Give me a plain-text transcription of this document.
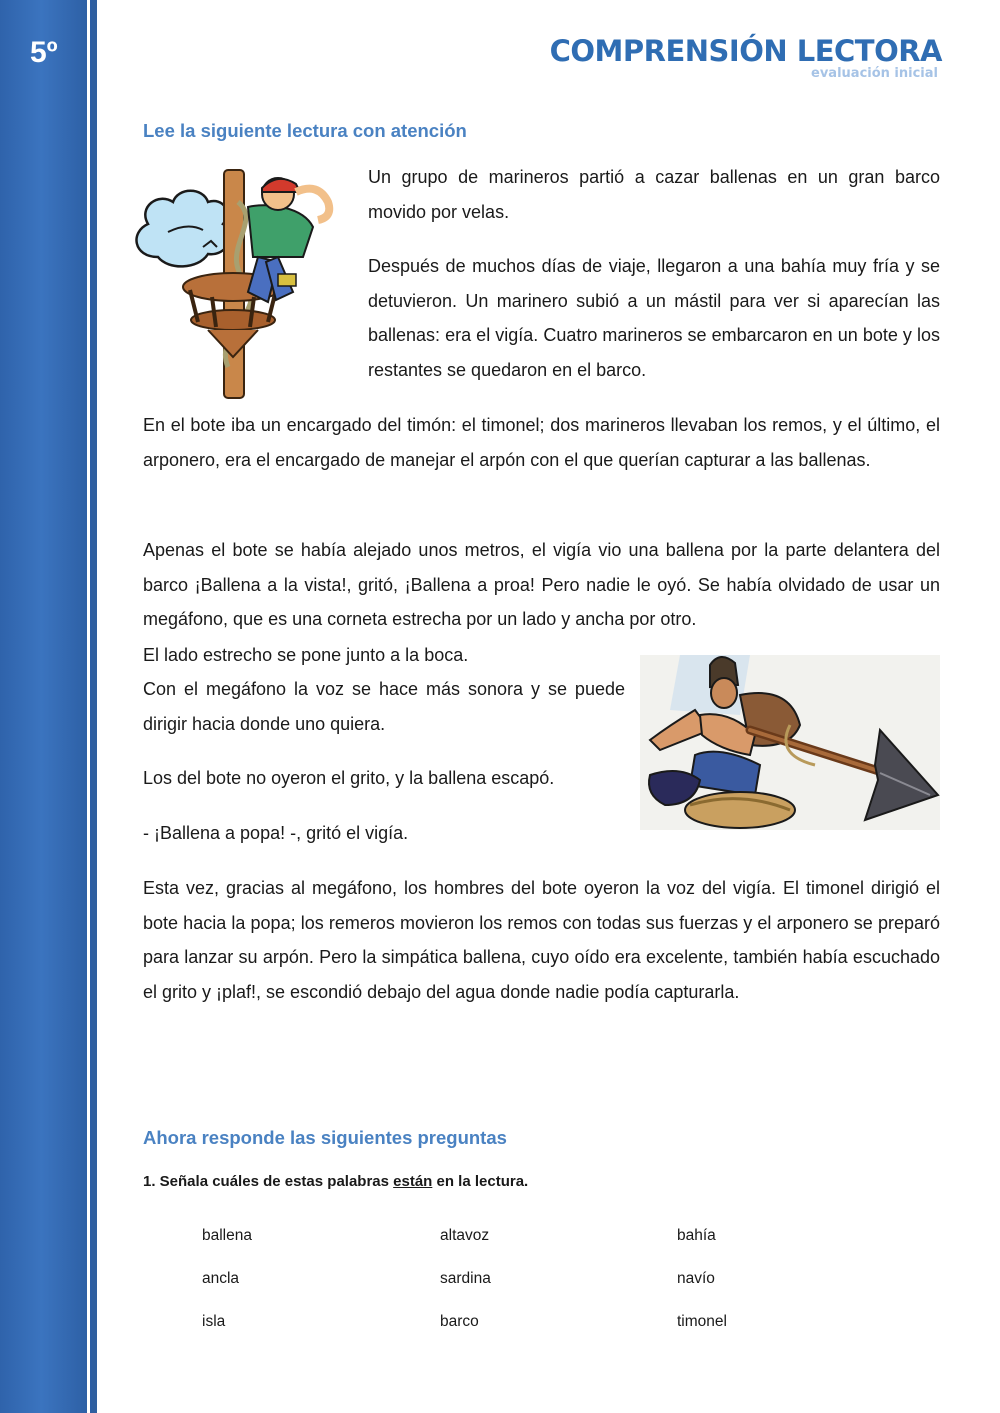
5º	COMPRENSIÓN LECTORA
evaluación inicial
Lee la siguiente lectura con atención

Un grupo de marineros partió a cazar ballenas en un gran barco movido por velas.

Después de muchos días de viaje, llegaron a una bahía muy fría y se detuvieron. Un marinero subió a un mástil para ver si aparecían las ballenas: era el vigía. Cuatro marineros se embarcaron en un bote y los restantes se quedaron en el barco.

En el bote iba un encargado del timón: el timonel; dos marineros llevaban los remos, y el último, el arponero, era el encargado de manejar el arpón con el que querían capturar a las ballenas.

Apenas el bote se había alejado unos metros, el vigía vio una ballena por la parte delantera del barco ¡Ballena a la vista!, gritó, ¡Ballena a proa! Pero nadie le oyó. Se había olvidado de usar un megáfono, que es una corneta estrecha por un lado y ancha por otro.

Con el megáfono la voz se hace más sonora y se puede dirigir hacia donde uno quiera.

Los del bote no oyeron el grito, y la ballena escapó.

- ¡Ballena a popa! -, gritó el vigía.

Esta vez, gracias al megáfono, los hombres del bote oyeron la voz del vigía. El timonel dirigió el bote hacia la popa; los remeros movieron los remos con todas sus fuerzas y el arponero se preparó para lanzar su arpón. Pero la simpática ballena, cuyo oído era excelente, también había escuchado el grito y ¡plaf!, se escondió debajo del agua donde nadie podía capturarla.

Ahora responde las siguientes preguntas
1. Señala cuáles de estas palabras están en la lectura.
ballena	altavoz	bahía
ancla	sardina	navío
isla	barco	timonel

El lado estrecho se pone junto a la boca.
